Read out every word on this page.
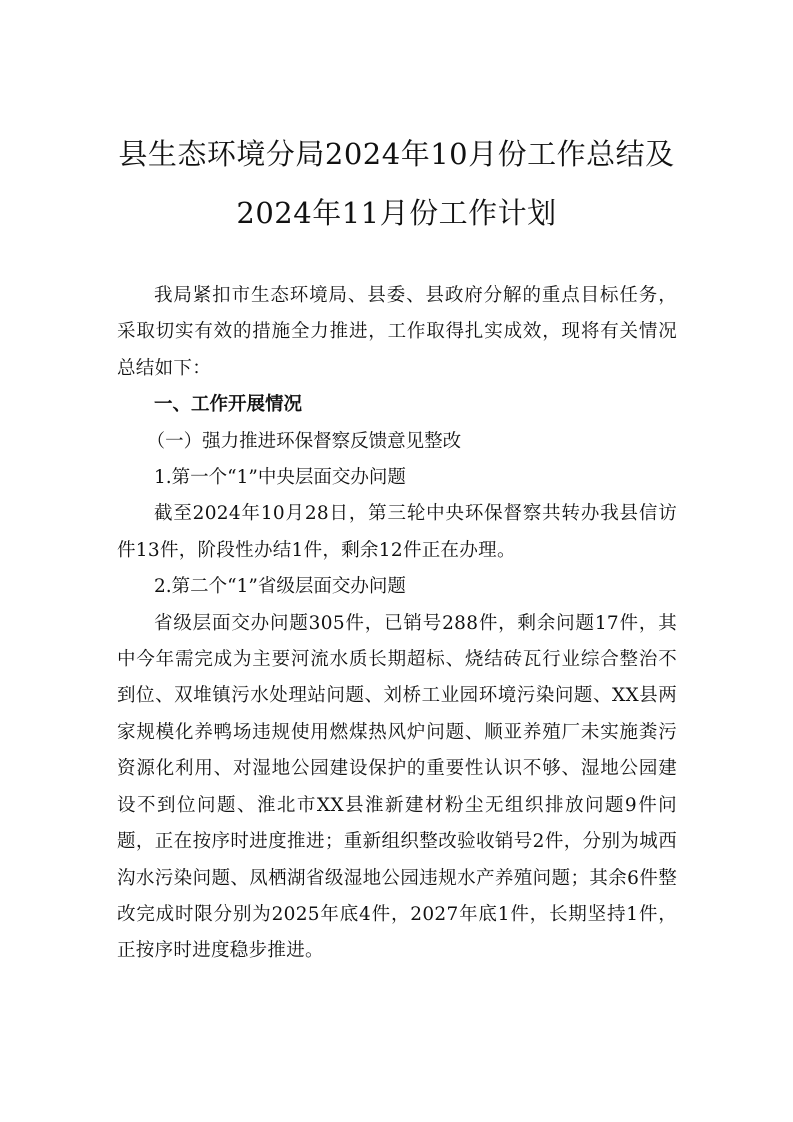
县生态环境分局2024年10月份工作总结及
2024年11月份工作计划

我局紧扣市生态环境局、县委、县政府分解的重点目标任务，采取切实有效的措施全力推进，工作取得扎实成效，现将有关情况总结如下：

一、工作开展情况

（一）强力推进环保督察反馈意见整改

1.第一个“1”中央层面交办问题

截至2024年10月28日，第三轮中央环保督察共转办我县信访件13件，阶段性办结1件，剩余12件正在办理。

2.第二个“1”省级层面交办问题

省级层面交办问题305件，已销号288件，剩余问题17件，其中今年需完成为主要河流水质长期超标、烧结砖瓦行业综合整治不到位、双堆镇污水处理站问题、刘桥工业园环境污染问题、XX县两家规模化养鸭场违规使用燃煤热风炉问题、顺亚养殖厂未实施粪污资源化利用、对湿地公园建设保护的重要性认识不够、湿地公园建设不到位问题、淮北市XX县淮新建材粉尘无组织排放问题9件问题，正在按序时进度推进；重新组织整改验收销号2件，分别为城西沟水污染问题、凤栖湖省级湿地公园违规水产养殖问题；其余6件整改完成时限分别为2025年底4件，2027年底1件，长期坚持1件，正按序时进度稳步推进。
